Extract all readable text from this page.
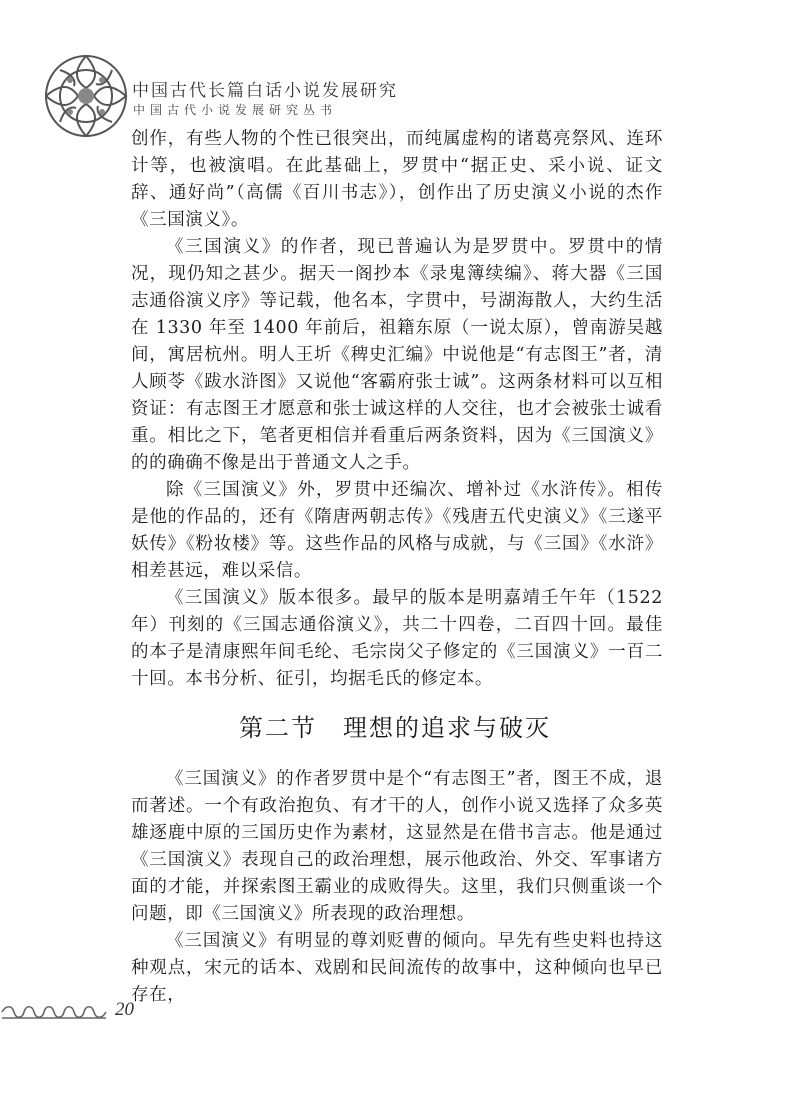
中国古代长篇白话小说发展研究
中国古代小说发展研究丛书

创作，有些人物的个性已很突出，而纯属虚构的诸葛亮祭风、连环计等，也被演唱。在此基础上，罗贯中“据正史、采小说、证文辞、通好尚”（高儒《百川书志》），创作出了历史演义小说的杰作《三国演义》。

《三国演义》的作者，现已普遍认为是罗贯中。罗贯中的情况，现仍知之甚少。据天一阁抄本《录鬼簿续编》、蒋大器《三国志通俗演义序》等记载，他名本，字贯中，号湖海散人，大约生活在 1330 年至 1400 年前后，祖籍东原（一说太原），曾南游吴越间，寓居杭州。明人王圻《稗史汇编》中说他是“有志图王”者，清人顾苓《跋水浒图》又说他“客霸府张士诚”。这两条材料可以互相资证：有志图王才愿意和张士诚这样的人交往，也才会被张士诚看重。相比之下，笔者更相信并看重后两条资料，因为《三国演义》的的确确不像是出于普通文人之手。

除《三国演义》外，罗贯中还编次、增补过《水浒传》。相传是他的作品的，还有《隋唐两朝志传》《残唐五代史演义》《三遂平妖传》《粉妆楼》等。这些作品的风格与成就，与《三国》《水浒》相差甚远，难以采信。

《三国演义》版本很多。最早的版本是明嘉靖壬午年（1522 年）刊刻的《三国志通俗演义》，共二十四卷，二百四十回。最佳的本子是清康熙年间毛纶、毛宗岗父子修定的《三国演义》一百二十回。本书分析、征引，均据毛氏的修定本。

第二节　理想的追求与破灭

《三国演义》的作者罗贯中是个“有志图王”者，图王不成，退而著述。一个有政治抱负、有才干的人，创作小说又选择了众多英雄逐鹿中原的三国历史作为素材，这显然是在借书言志。他是通过《三国演义》表现自己的政治理想，展示他政治、外交、军事诸方面的才能，并探索图王霸业的成败得失。这里，我们只侧重谈一个问题，即《三国演义》所表现的政治理想。

《三国演义》有明显的尊刘贬曹的倾向。早先有些史料也持这种观点，宋元的话本、戏剧和民间流传的故事中，这种倾向也早已存在，

20
